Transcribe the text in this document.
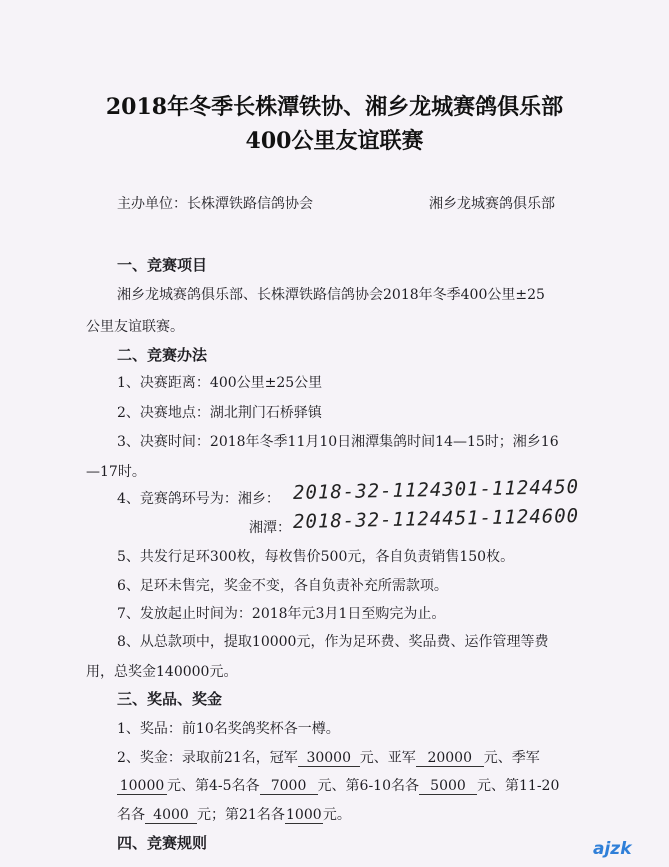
2018年冬季长株潭铁协、湘乡龙城赛鸽俱乐部
400公里友谊联赛
主办单位：长株潭铁路信鸽协会	湘乡龙城赛鸽俱乐部
一、竞赛项目
湘乡龙城赛鸽俱乐部、长株潭铁路信鸽协会2018年冬季400公里±25
公里友谊联赛。
二、竞赛办法
1、决赛距离：400公里±25公里
2、决赛地点：湖北荆门石桥驿镇
3、决赛时间：2018年冬季11月10日湘潭集鸽时间14—15时；湘乡16
—17时。
4、竞赛鸽环号为：湘乡： 2018-32-1124301-1124450
湘潭： 2018-32-1124451-1124600
5、共发行足环300枚，每枚售价500元，各自负责销售150枚。
6、足环未售完，奖金不变，各自负责补充所需款项。
7、发放起止时间为：2018年元3月1日至购完为止。
8、从总款项中，提取10000元，作为足环费、奖品费、运作管理等费
用，总奖金140000元。
三、奖品、奖金
1、奖品：前10名奖鸽奖杯各一樽。
2、奖金：录取前21名，冠军 30000 元、亚军 20000 元、季军
10000 元、第4-5名各 7000 元、第6-10名各 5000 元、第11-20
名各 4000 元；第21名各1000元。
四、竞赛规则	ajzk
